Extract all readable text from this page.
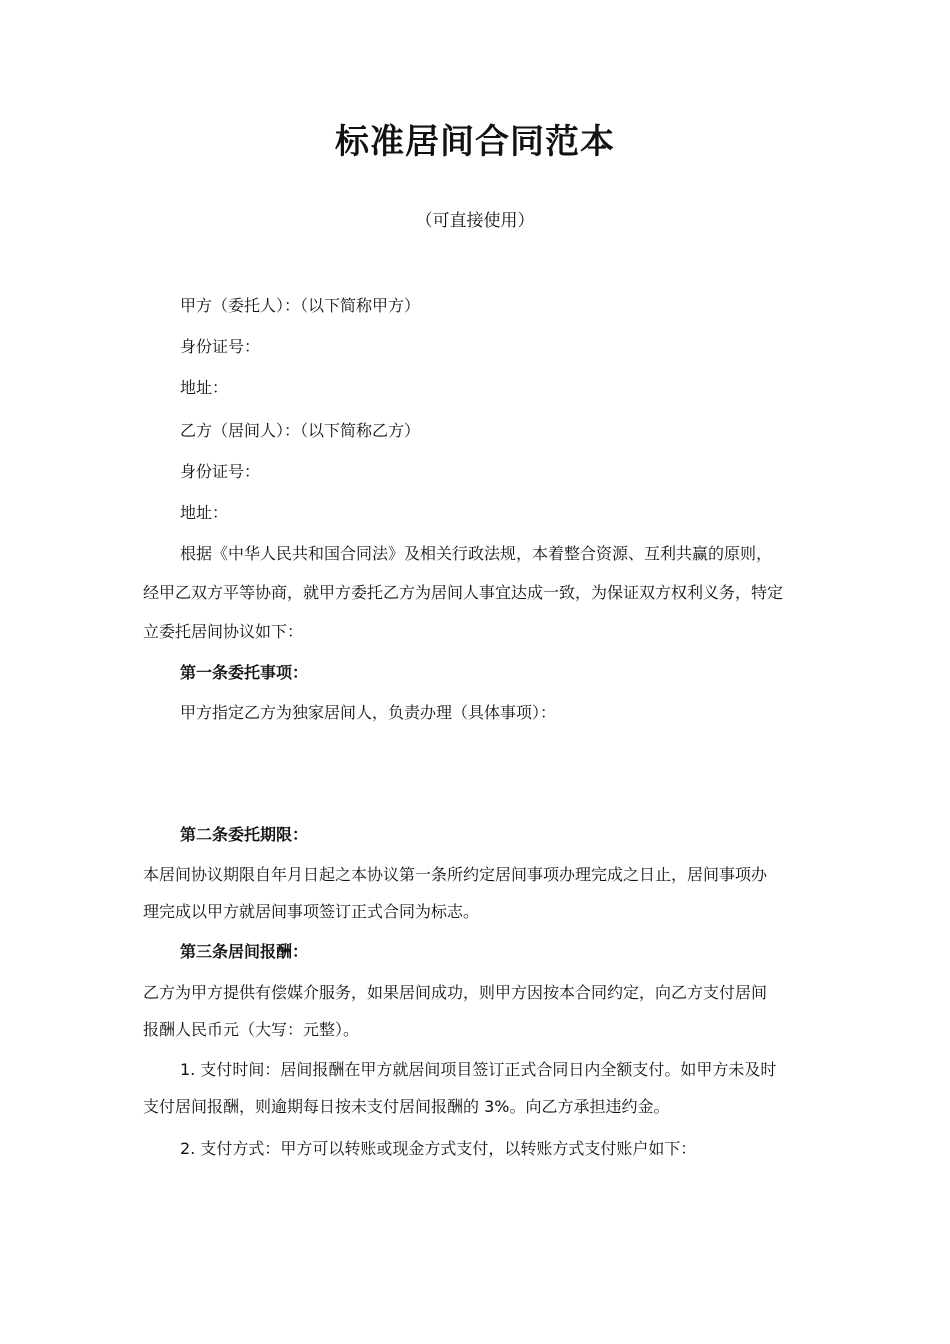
标准居间合同范本

（可直接使用）

甲方（委托人）：（以下简称甲方）

身份证号：

地址：

乙方（居间人）：（以下简称乙方）

身份证号：

地址：

根据《中华人民共和国合同法》及相关行政法规，本着整合资源、互利共赢的原则，

经甲乙双方平等协商，就甲方委托乙方为居间人事宜达成一致，为保证双方权利义务，特定

立委托居间协议如下：

第一条委托事项：

甲方指定乙方为独家居间人，负责办理（具体事项）：

第二条委托期限：

本居间协议期限自年月日起之本协议第一条所约定居间事项办理完成之日止，居间事项办

理完成以甲方就居间事项签订正式合同为标志。

第三条居间报酬：

乙方为甲方提供有偿媒介服务，如果居间成功，则甲方因按本合同约定，向乙方支付居间

报酬人民币元（大写：元整）。

1. 支付时间：居间报酬在甲方就居间项目签订正式合同日内全额支付。如甲方未及时

支付居间报酬，则逾期每日按未支付居间报酬的 3%。向乙方承担违约金。

2. 支付方式：甲方可以转账或现金方式支付，以转账方式支付账户如下：
